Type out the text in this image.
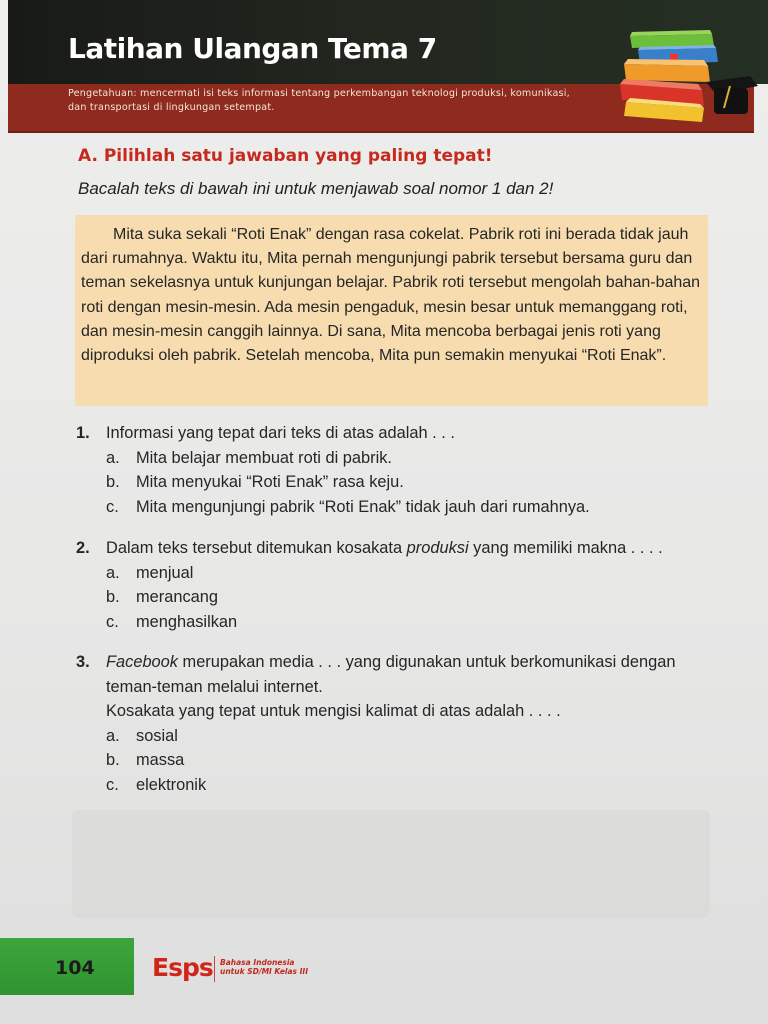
Latihan Ulangan Tema 7
Pengetahuan: mencermati isi teks informasi tentang perkembangan teknologi produksi, komunikasi,
dan transportasi di lingkungan setempat.
A. Pilihlah satu jawaban yang paling tepat!
Bacalah teks di bawah ini untuk menjawab soal nomor 1 dan 2!
Mita suka sekali “Roti Enak” dengan rasa cokelat. Pabrik roti ini berada tidak jauh dari rumahnya. Waktu itu, Mita pernah mengunjungi pabrik tersebut bersama guru dan teman sekelasnya untuk kunjungan belajar. Pabrik roti tersebut mengolah bahan-bahan roti dengan mesin-mesin. Ada mesin pengaduk, mesin besar untuk memanggang roti, dan mesin-mesin canggih lainnya. Di sana, Mita mencoba berbagai jenis roti yang diproduksi oleh pabrik. Setelah mencoba, Mita pun semakin menyukai “Roti Enak”.
1. Informasi yang tepat dari teks di atas adalah . . .
a. Mita belajar membuat roti di pabrik.
b. Mita menyukai “Roti Enak” rasa keju.
c. Mita mengunjungi pabrik “Roti Enak” tidak jauh dari rumahnya.
2. Dalam teks tersebut ditemukan kosakata produksi yang memiliki makna . . . .
a. menjual
b. merancang
c. menghasilkan
3. Facebook merupakan media . . . yang digunakan untuk berkomunikasi dengan teman-teman melalui internet.
Kosakata yang tepat untuk mengisi kalimat di atas adalah . . . .
a. sosial
b. massa
c. elektronik
104 Esps Bahasa Indonesia
untuk SD/MI Kelas III
